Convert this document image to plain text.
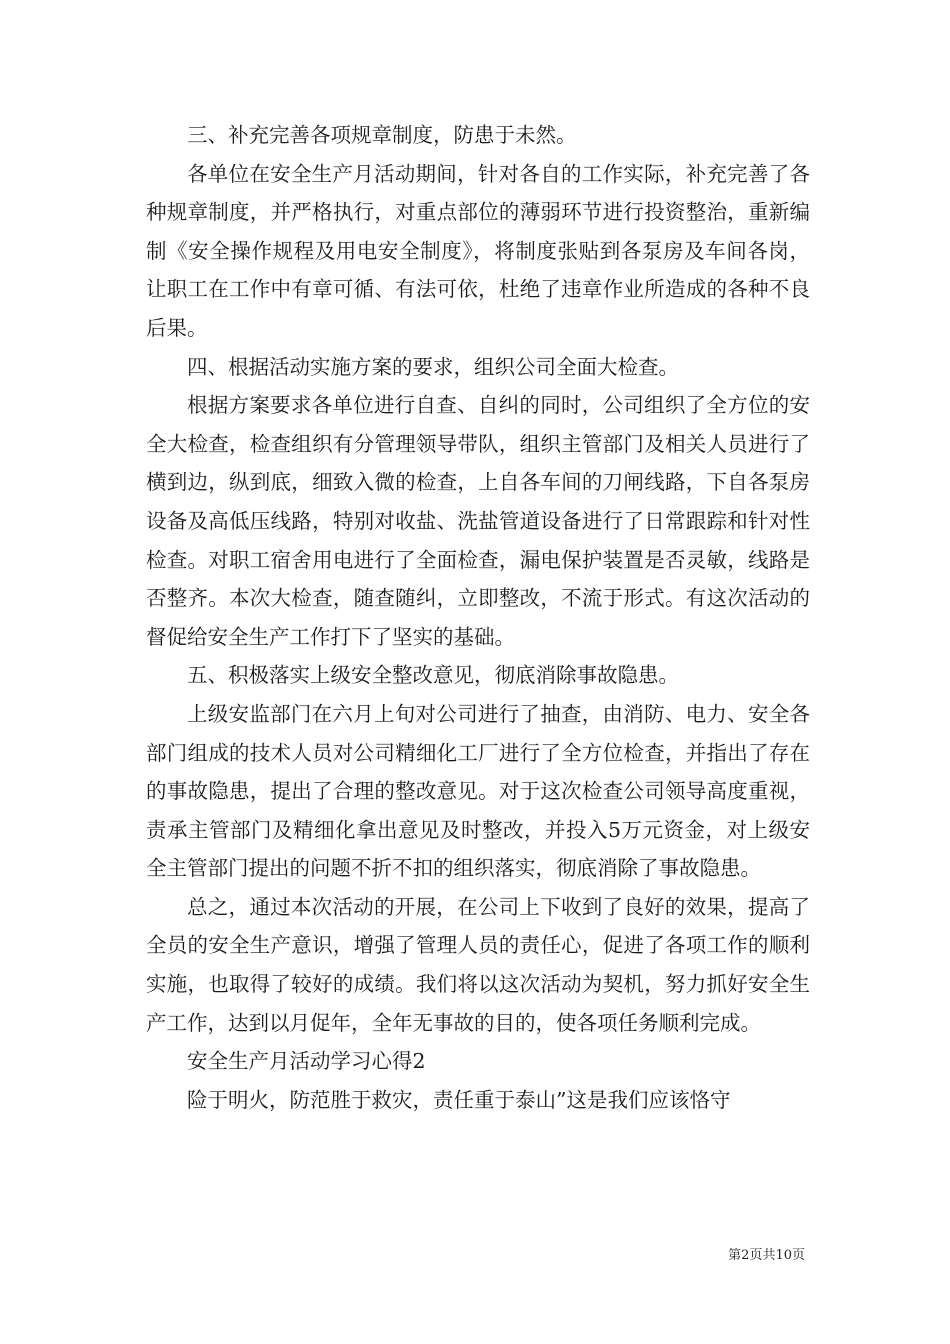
三、补充完善各项规章制度，防患于未然。

各单位在安全生产月活动期间，针对各自的工作实际，补充完善了各种规章制度，并严格执行，对重点部位的薄弱环节进行投资整治，重新编制《安全操作规程及用电安全制度》，将制度张贴到各泵房及车间各岗，让职工在工作中有章可循、有法可依，杜绝了违章作业所造成的各种不良后果。

四、根据活动实施方案的要求，组织公司全面大检查。

根据方案要求各单位进行自查、自纠的同时，公司组织了全方位的安全大检查，检查组织有分管理领导带队，组织主管部门及相关人员进行了横到边，纵到底，细致入微的检查，上自各车间的刀闸线路，下自各泵房设备及高低压线路，特别对收盐、洗盐管道设备进行了日常跟踪和针对性检查。对职工宿舍用电进行了全面检查，漏电保护装置是否灵敏，线路是否整齐。本次大检查，随查随纠，立即整改，不流于形式。有这次活动的督促给安全生产工作打下了坚实的基础。

五、积极落实上级安全整改意见，彻底消除事故隐患。

上级安监部门在六月上旬对公司进行了抽查，由消防、电力、安全各部门组成的技术人员对公司精细化工厂进行了全方位检查，并指出了存在的事故隐患，提出了合理的整改意见。对于这次检查公司领导高度重视，责承主管部门及精细化拿出意见及时整改，并投入5万元资金，对上级安全主管部门提出的问题不折不扣的组织落实，彻底消除了事故隐患。

总之，通过本次活动的开展，在公司上下收到了良好的效果，提高了全员的安全生产意识，增强了管理人员的责任心，促进了各项工作的顺利实施，也取得了较好的成绩。我们将以这次活动为契机，努力抓好安全生产工作，达到以月促年，全年无事故的目的，使各项任务顺利完成。

安全生产月活动学习心得2

险于明火，防范胜于救灾，责任重于泰山”这是我们应该恪守

第2页共10页
